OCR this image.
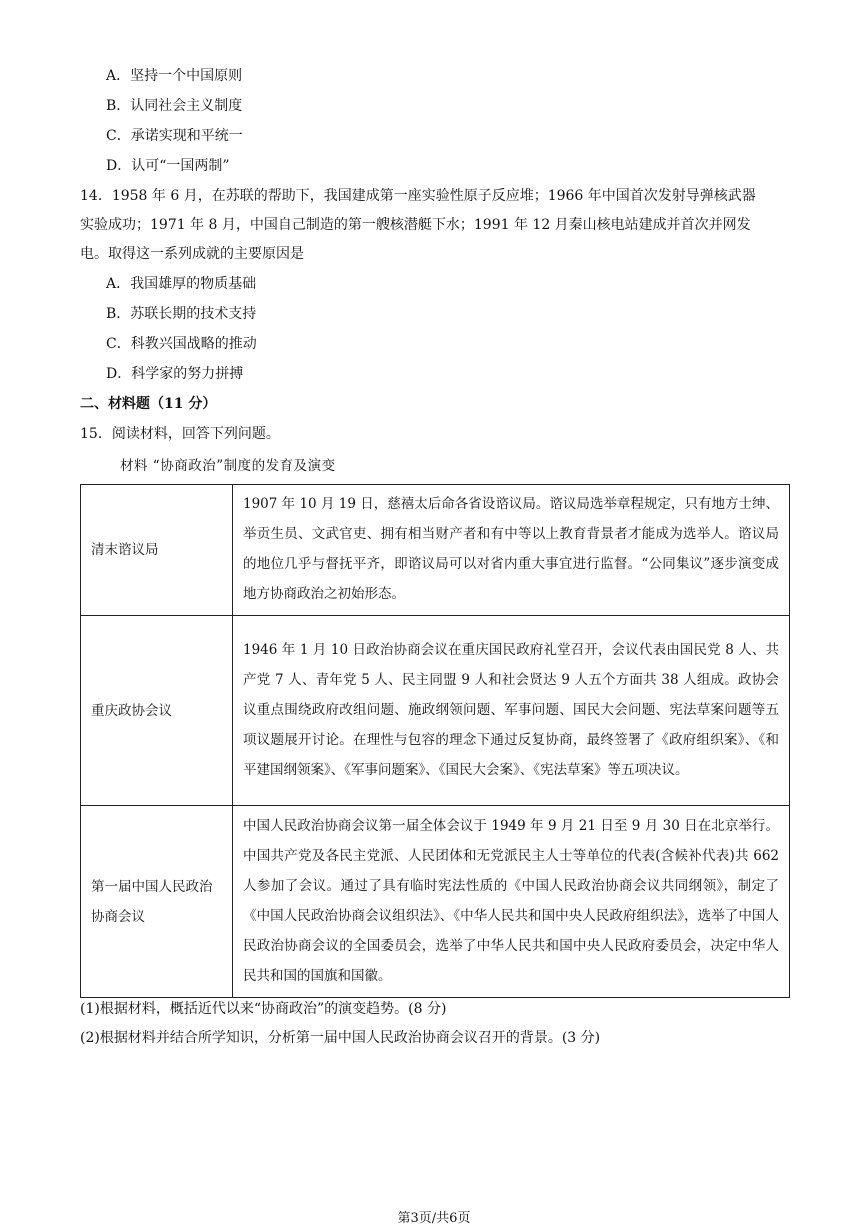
A．坚持一个中国原则
B．认同社会主义制度
C．承诺实现和平统一
D．认可“一国两制”
14．1958 年 6 月，在苏联的帮助下，我国建成第一座实验性原子反应堆；1966 年中国首次发射导弹核武器
实验成功；1971 年 8 月，中国自己制造的第一艘核潜艇下水；1991 年 12 月秦山核电站建成并首次并网发
电。取得这一系列成就的主要原因是
A．我国雄厚的物质基础
B．苏联长期的技术支持
C．科教兴国战略的推动
D．科学家的努力拼搏
二、材料题（11 分）
15．阅读材料，回答下列问题。
材料 “协商政治”制度的发育及演变
清末谘议局	1907 年 10 月 19 日，慈禧太后命各省设谘议局。谘议局选举章程规定，只有地方士绅、举贡生员、文武官吏、拥有相当财产者和有中等以上教育背景者才能成为选举人。谘议局的地位几乎与督抚平齐，即谘议局可以对省内重大事宜进行监督。“公同集议”逐步演变成地方协商政治之初始形态。
重庆政协会议	1946 年 1 月 10 日政治协商会议在重庆国民政府礼堂召开，会议代表由国民党 8 人、共产党 7 人、青年党 5 人、民主同盟 9 人和社会贤达 9 人五个方面共 38 人组成。政协会议重点围绕政府改组问题、施政纲领问题、军事问题、国民大会问题、宪法草案问题等五项议题展开讨论。在理性与包容的理念下通过反复协商，最终签署了《政府组织案》、《和平建国纲领案》、《军事问题案》、《国民大会案》、《宪法草案》等五项决议。
第一届中国人民政治协商会议	中国人民政治协商会议第一届全体会议于 1949 年 9 月 21 日至 9 月 30 日在北京举行。中国共产党及各民主党派、人民团体和无党派民主人士等单位的代表(含候补代表)共 662 人参加了会议。通过了具有临时宪法性质的《中国人民政治协商会议共同纲领》，制定了《中国人民政治协商会议组织法》、《中华人民共和国中央人民政府组织法》，选举了中国人民政治协商会议的全国委员会，选举了中华人民共和国中央人民政府委员会，决定中华人民共和国的国旗和国徽。
(1)根据材料，概括近代以来“协商政治”的演变趋势。(8 分)
(2)根据材料并结合所学知识，分析第一届中国人民政治协商会议召开的背景。(3 分)
第3页/共6页
